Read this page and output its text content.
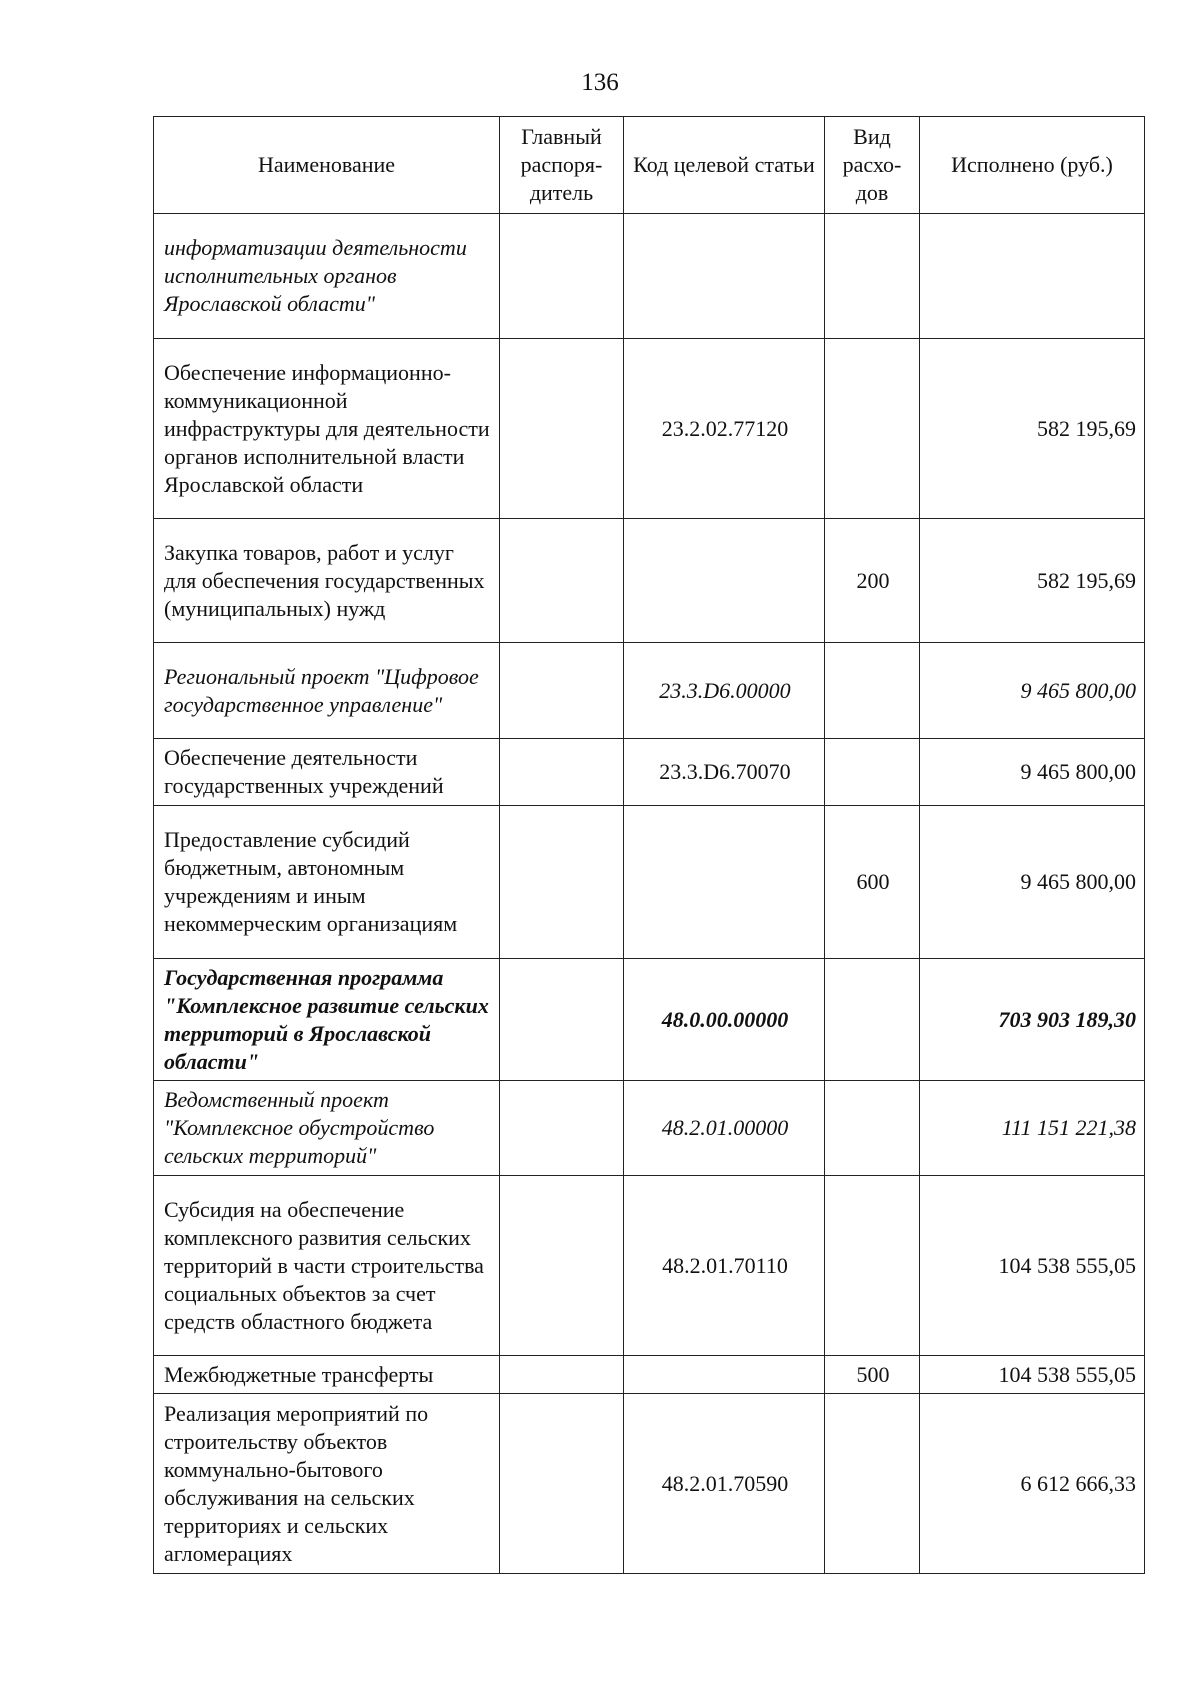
136
Наименование	Главный распоря-дитель	Код целевой статьи	Вид расхо-дов	Исполнено (руб.)
информатизации деятельности исполнительных органов Ярославской области"				
Обеспечение информационно-коммуникационной инфраструктуры для деятельности органов исполнительной власти Ярославской области		23.2.02.77120		582 195,69
Закупка товаров, работ и услуг для обеспечения государственных (муниципальных) нужд			200	582 195,69
Региональный проект "Цифровое государственное управление"		23.3.D6.00000		9 465 800,00
Обеспечение деятельности государственных учреждений		23.3.D6.70070		9 465 800,00
Предоставление субсидий бюджетным, автономным учреждениям и иным некоммерческим организациям			600	9 465 800,00
Государственная программа "Комплексное развитие сельских территорий в Ярославской области"		48.0.00.00000		703 903 189,30
Ведомственный проект "Комплексное обустройство сельских территорий"		48.2.01.00000		111 151 221,38
Субсидия на обеспечение комплексного развития сельских территорий в части строительства социальных объектов за счет средств областного бюджета		48.2.01.70110		104 538 555,05
Межбюджетные трансферты			500	104 538 555,05
Реализация мероприятий по строительству объектов коммунально-бытового обслуживания на сельских территориях и сельских агломерациях		48.2.01.70590		6 612 666,33
